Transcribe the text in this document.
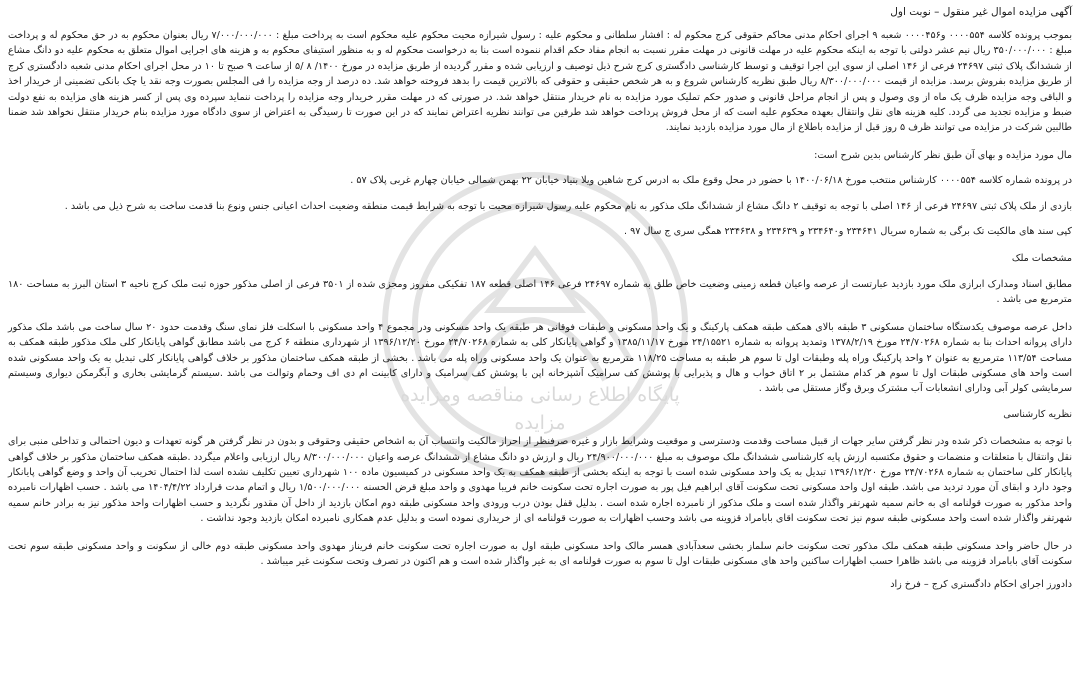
پایگاه اطلاع رسانی مناقصه ومزایده
مزایده

آگهی مزایده اموال غیر منقول – نوبت اول

بموجب پرونده کلاسه ۰۰۰۰۵۵۴ و۰۰۰۰۴۵۶ شعبه ۹ اجرای احکام مدنی محاکم حقوقی کرج محکوم له : افشار سلطانی و محکوم علیه : رسول شیرازه محیت محکوم علیه محکوم است به پرداخت مبلغ : ۷/۰۰۰/۰۰۰/۰۰۰ ریال بعنوان محکوم به در حق محکوم له و پرداخت مبلغ : ۳۵۰/۰۰۰/۰۰۰ ریال نیم عشر دولتی با توجه به اینکه محکوم علیه در مهلت قانونی در مهلت مقرر نسبت به انجام مفاد حکم اقدام ننموده است بنا به درخواست محکوم له و به منظور استیفای محکوم به و هزینه های اجرایی اموال متعلق به محکوم علیه دو دانگ مشاع از ششدانگ پلاک ثبتی ۲۴۶۹۷ فرعی از ۱۴۶ اصلی از سوی این اجرا توقیف و توسط کارشناسی دادگستری کرج شرح ذیل توصیف و ارزیابی شده و مقرر گردیده از طریق مزایده در مورخ ۱۴۰۰/ ۸ /۵ از ساعت ۹ صبح تا ۱۰ در محل اجرای احکام مدنی شعبه دادگستری کرج از طریق مزایده بفروش برسد. مزایده از قیمت ۸/۳۰۰/۰۰۰/۰۰۰ ریال طبق نظریه کارشناس شروع و به هر شخص حقیقی و حقوقی که بالاترین قیمت را بدهد فروخته خواهد شد. ده درصد از وجه مزایده را فی المجلس بصورت وجه نقد یا چک بانکی تضمینی از خریدار اخذ و الباقی وجه مزایده ظرف یک ماه از وی وصول و پس از انجام مراحل قانونی و صدور حکم تملیک مورد مزایده به نام خریدار منتقل خواهد شد. در صورتی که در مهلت مقرر خریدار وجه مزایده را پرداخت ننماید سپرده وی پس از کسر هزینه های مزایده به نفع دولت ضبط و مزایده تجدید می گردد. کلیه هزینه های نقل وانتقال بعهده محکوم علیه است که از محل فروش پرداخت خواهد شد طرفین می توانند نظریه اعتراض نمایند که در این صورت تا رسیدگی به اعتراض از سوی دادگاه مورد مزایده بنام خریدار منتقل نخواهد شد ضمنا طالبین شرکت در مزایده می توانند ظرف ۵ روز قبل از مزایده باطلاع از مال مورد مزایده بازدید نمایند.

مال مورد مزایده و بهای آن طبق نظر کارشناس بدین شرح است:

در پرونده شماره کلاسه ۰۰۰۰۵۵۴ کارشناس منتخب مورخ ۱۴۰۰/۰۶/۱۸ با حضور در محل وقوع ملک به ادرس کرج شاهین ویلا بنیاد خیابان ۲۲ بهمن شمالی خیابان چهارم غربی پلاک ۵۷ .

بازدی از ملک پلاک ثبتی ۲۴۶۹۷ فرعی از ۱۴۶ اصلی با توجه به توقیف ۲ دانگ مشاع از ششدانگ ملک مذکور به نام محکوم علیه رسول شیرازه محیت با توجه به شرایط قیمت منطقه وضعیت احداث اعیانی جنس ونوع بنا قدمت ساخت به شرح ذیل می باشد .

کپی سند های مالکیت تک برگی به شماره سریال ۲۳۴۶۴۱ و۲۳۴۶۴۰ و ۲۳۴۶۳۹ و ۲۳۴۶۳۸ همگی سری ج سال ۹۷ .

مشخصات ملک

مطابق اسناد ومدارک ابرازی ملک مورد بازدید عبارتست از عرصه واعیان قطعه زمینی وضعیت خاص طلق به شماره ۲۴۶۹۷ فرعی ۱۴۶ اصلی قطعه ۱۸۷ تفکیکی مفروز ومجزی شده از ۳۵۰۱ فرعی از اصلی مذکور حوزه ثبت ملک کرج ناحیه ۳ استان البرز به مساحت ۱۸۰ مترمربع می باشد .

داخل عرصه موصوف یکدستگاه ساختمان مسکونی ۳ طبقه بالای همکف طبقه همکف پارکینگ و یک واحد مسکونی و طبقات فوقانی هر طبقه یک واحد مسکونی ودر مجموع ۴ واحد مسکونی با اسکلت فلز نمای سنگ وقدمت حدود ۲۰ سال ساخت می باشد ملک مذکور دارای پروانه احداث بنا به شماره ۲۴/۷۰۲۶۸ مورخ ۱۳۷۸/۲/۱۹ وتمدید پروانه به شماره ۲۴/۱۵۵۲۱ مورخ ۱۳۸۵/۱۱/۱۷ و گواهی پایانکار کلی به شماره ۲۴/۷۰۲۶۸ مورخ ۱۳۹۶/۱۲/۲۰ از شهرداری منطقه ۶ کرج می باشد مطابق گواهی پایانکار کلی ملک مذکور طبقه همکف به مساحت ۱۱۳/۵۴ مترمربع به عنوان ۲ واحد پارکینگ وراه پله وطبقات اول تا سوم هر طبقه به مساحت ۱۱۸/۲۵ مترمربع به عنوان یک واحد مسکونی وراه پله می باشد . بخشی از طبقه همکف ساختمان مذکور بر خلاف گواهی پایانکار کلی تبدیل به یک واحد مسکونی شده است واحد های مسکونی طبقات اول تا سوم هر کدام مشتمل بر ۲ اتاق خواب و هال و پذیرایی با پوشش کف سرامیک آشپزخانه اپن با پوشش کف سرامیک و دارای کابینت ام دی اف وحمام وتوالت می باشد .سیستم گرمایشی بخاری و آبگرمکن دیواری وسیستم سرمایشی کولر آبی ودارای انشعابات آب مشترک وبرق وگاز مستقل می باشد .

نظریه کارشناسی

با توجه به مشخصات ذکر شده ودر نظر گرفتن سایر جهات از قبیل مساحت وقدمت ودسترسی و موقعیت وشرایط بازار و غیره صرفنظر از احراز مالکیت وانتساب آن به اشخاص حقیقی وحقوقی و بدون در نظر گرفتن هر گونه تعهدات و دیون احتمالی و تداخلی منبی برای نقل وانتقال با متعلقات و منضمات و حقوق مکتسبه ارزش پایه کارشناسی ششدانگ ملک موصوف به مبلغ ۲۴/۹۰۰/۰۰۰/۰۰۰ ریال و ارزش دو دانگ مشاع از ششدانگ عرصه واعیان ۸/۳۰۰/۰۰۰/۰۰۰ ریال ارزیابی واعلام میگردد .طبقه همکف ساختمان مذکور بر خلاف گواهی پایانکار کلی ساختمان به شماره ۲۴/۷۰۲۶۸ مورخ ۱۳۹۶/۱۲/۲۰ تبدیل به یک واحد مسکونی شده است با توجه به اینکه بخشی از طبقه همکف به یک واحد مسکونی در کمیسیون ماده ۱۰۰ شهرداری تعیین تکلیف نشده است لذا احتمال تخریب آن واحد و وضع گواهی پایانکار وجود دارد و ابقای آن مورد تردید می باشد. طبقه اول واحد مسکونی تحت سکونت آقای ابراهیم فیل پور به صورت اجاره تحت سکونت خانم فریبا مهدوی و واحد مبلغ قرض الحسنه ۱/۵۰۰/۰۰۰/۰۰۰ ریال و اتمام مدت قرارداد ۱۴۰۴/۴/۲۲ می باشد . حسب اظهارات نامبرده واحد مذکور به صورت قولنامه ای به خانم سمیه شهرتفر واگذار شده است و ملک مذکور از نامبرده اجاره شده است . بدلیل قفل بودن درب ورودی واحد مسکونی طبقه دوم امکان بازدید از داخل آن مقدور نگردید و حسب اظهارات واحد مذکور نیز به برادر خانم سمیه شهرتفر واگذار شده است واحد مسکونی طبقه سوم نیز تحت سکونت اقای بابامراد قزوینه می باشد وحسب اظهارات به صورت قولنامه ای از خریداری نموده است و بدلیل عدم همکاری نامبرده امکان بازدید وجود نداشت .

در حال حاضر واحد مسکونی طبقه همکف ملک مذکور تحت سکونت خانم سلماز بخشی سعدآبادی همسر مالک واحد مسکونی طبقه اول به صورت اجاره تحت سکونت خانم فریناز مهدوی واحد مسکونی طبقه دوم خالی از سکونت و واحد مسکونی طبقه سوم تحت سکونت آقای بابامراد قزوینه می باشد ظاهرا حسب اظهارات ساکنین واحد های مسکونی طبقات اول تا سوم به صورت قولنامه ای به غیر واگذار شده است و هم اکنون در تصرف وتحت سکونت غیر میباشد .

دادورز اجرای احکام دادگستری کرج – فرخ زاد
